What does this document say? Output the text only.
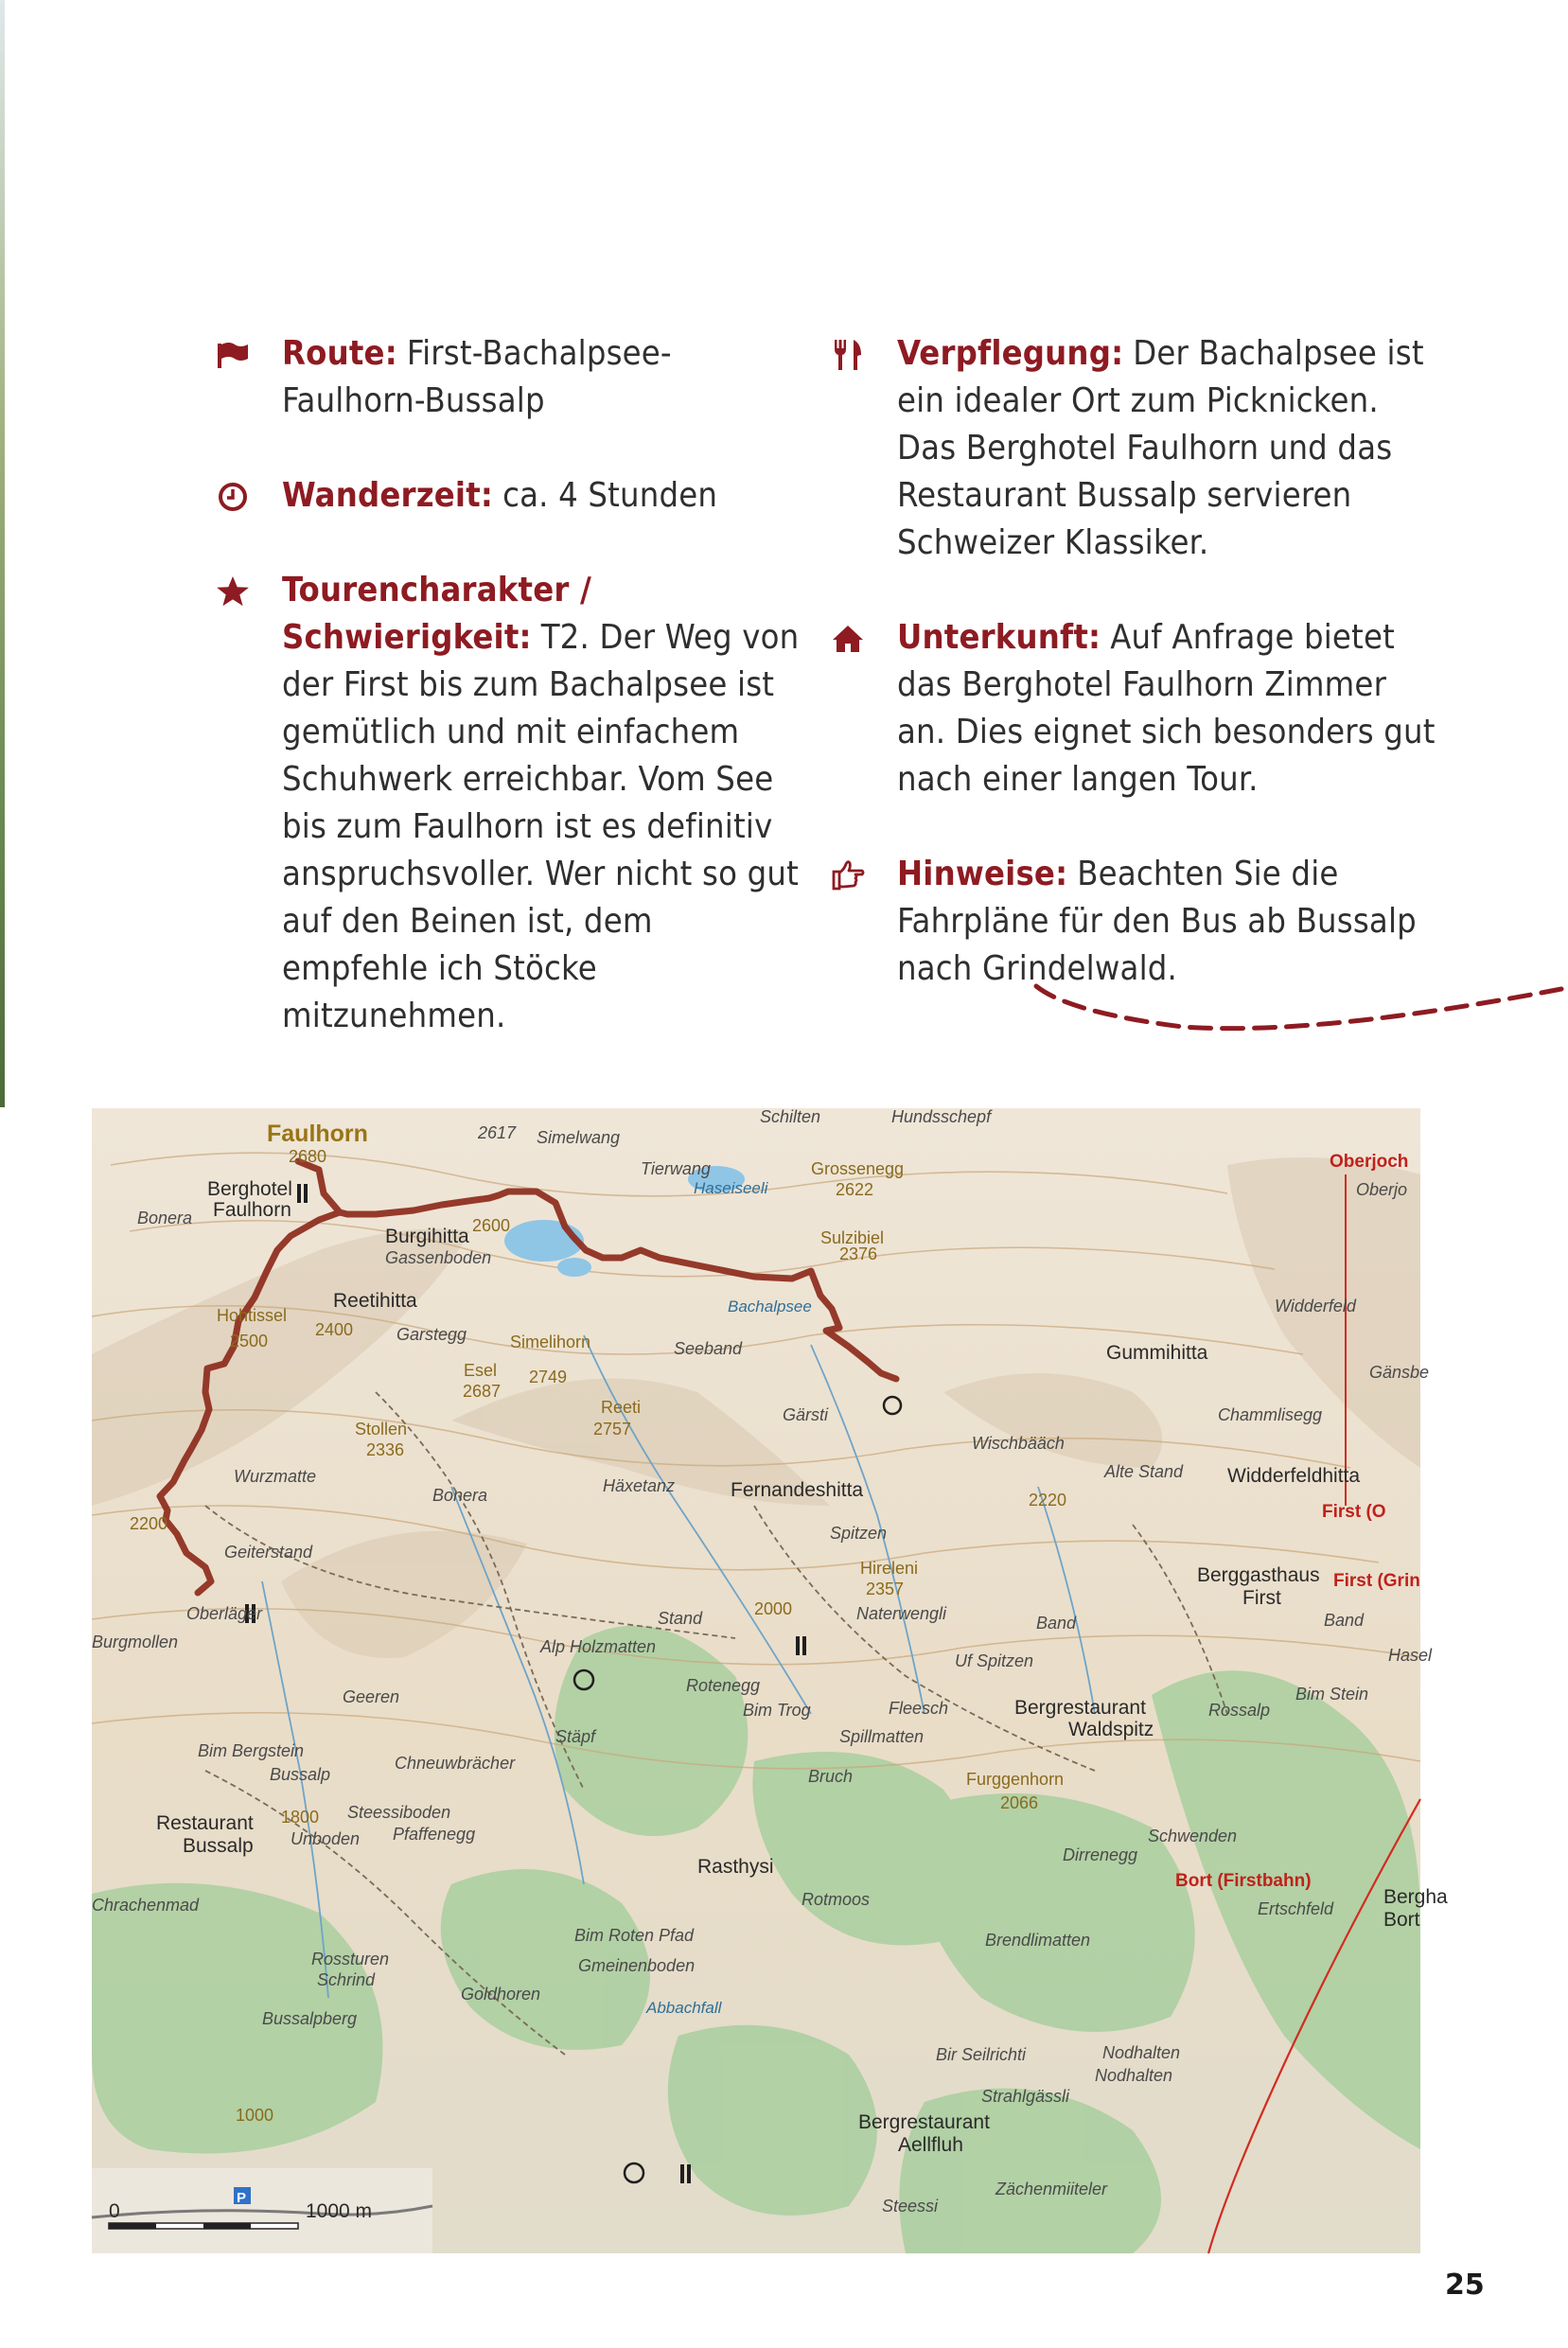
Route: First-Bachalpsee-Faulhorn-Bussalp
Wanderzeit: ca. 4 Stunden
Tourencharakter / Schwierigkeit: T2. Der Weg von der First bis zum Bachalpsee ist gemütlich und mit einfachem Schuhwerk erreichbar. Vom See bis zum Faulhorn ist es definitiv anspruchsvoller. Wer nicht so gut auf den Beinen ist, dem empfehle ich Stöcke mitzunehmen.
Verpflegung: Der Bachalpsee ist ein idealer Ort zum Picknicken. Das Berghotel Faulhorn und das Restaurant Bussalp servieren Schweizer Klassiker.
Unterkunft: Auf Anfrage bietet das Berghotel Faulhorn Zimmer an. Dies eignet sich besonders gut nach einer langen Tour.
Hinweise: Beachten Sie die Fahrpläne für den Bus ab Bussalp nach Grindelwald.
Faulhorn
2680
Berghotel
Faulhorn
Bonera
2617 Simelwang
Tierwang
Schilten	Hundsschepf
Haseiseeli
Grossenegg
2622
Oberjoch
Oberjo
Burgihitta
Gassenboden
Reetihitta
Sulzibiel
2376
Bachalpsee
Hohtissel
2500	Garstegg	Simelihorn
Esel
2687
2749
Seeband	Gummihitta
Widderfeld
Gänsbe
Reeti
2757
Gärsti	Chammlisegg
Wischbääch
Widderfeldhitta
Alte Stand
Stollen
2336
Wurzmatte
Bonera	Häxetanz	Fernandeshitta
Spitzen
First (O
First (Grin
Berggasthaus
First
Geiterstand
Hireleni
2357
Naterwengli	Band	Band
Hasel
Oberläger
Burgmollen
Stand
Alp Holzmatten
Uf Spitzen
Rotenegg
Geeren
Bim Trog	Fleesch	Bergrestaurant
Waldspitz
Rossalp
Bim Stein
Stäpf	Spillmatten
Bim Bergstein
Bussalp
Chneuwbrächer
Bruch	Furggenhorn
2066
Restaurant
Bussalp
Steessiboden
Unboden Pfaffenegg	Schwenden
Dirrenegg
Rasthysi
Bort (Firstbahn)
Bergha
Bort
Chrachenmad	Rotmoos	Ertschfeld
Bim Roten Pfad	Brendlimatten
Gmeinenboden
Rossturen
Schrind
Goldhoren
Bir Seilrichti	Nodhalten
Nodhalten
Bussalpberg
Abbachfall
Strahlgässli
Bergrestaurant
Aellfluh
Steessi
Zächenmiiteler
0	1000 m
P
2600
2400
2200
2000
1800
1000
2220
25
